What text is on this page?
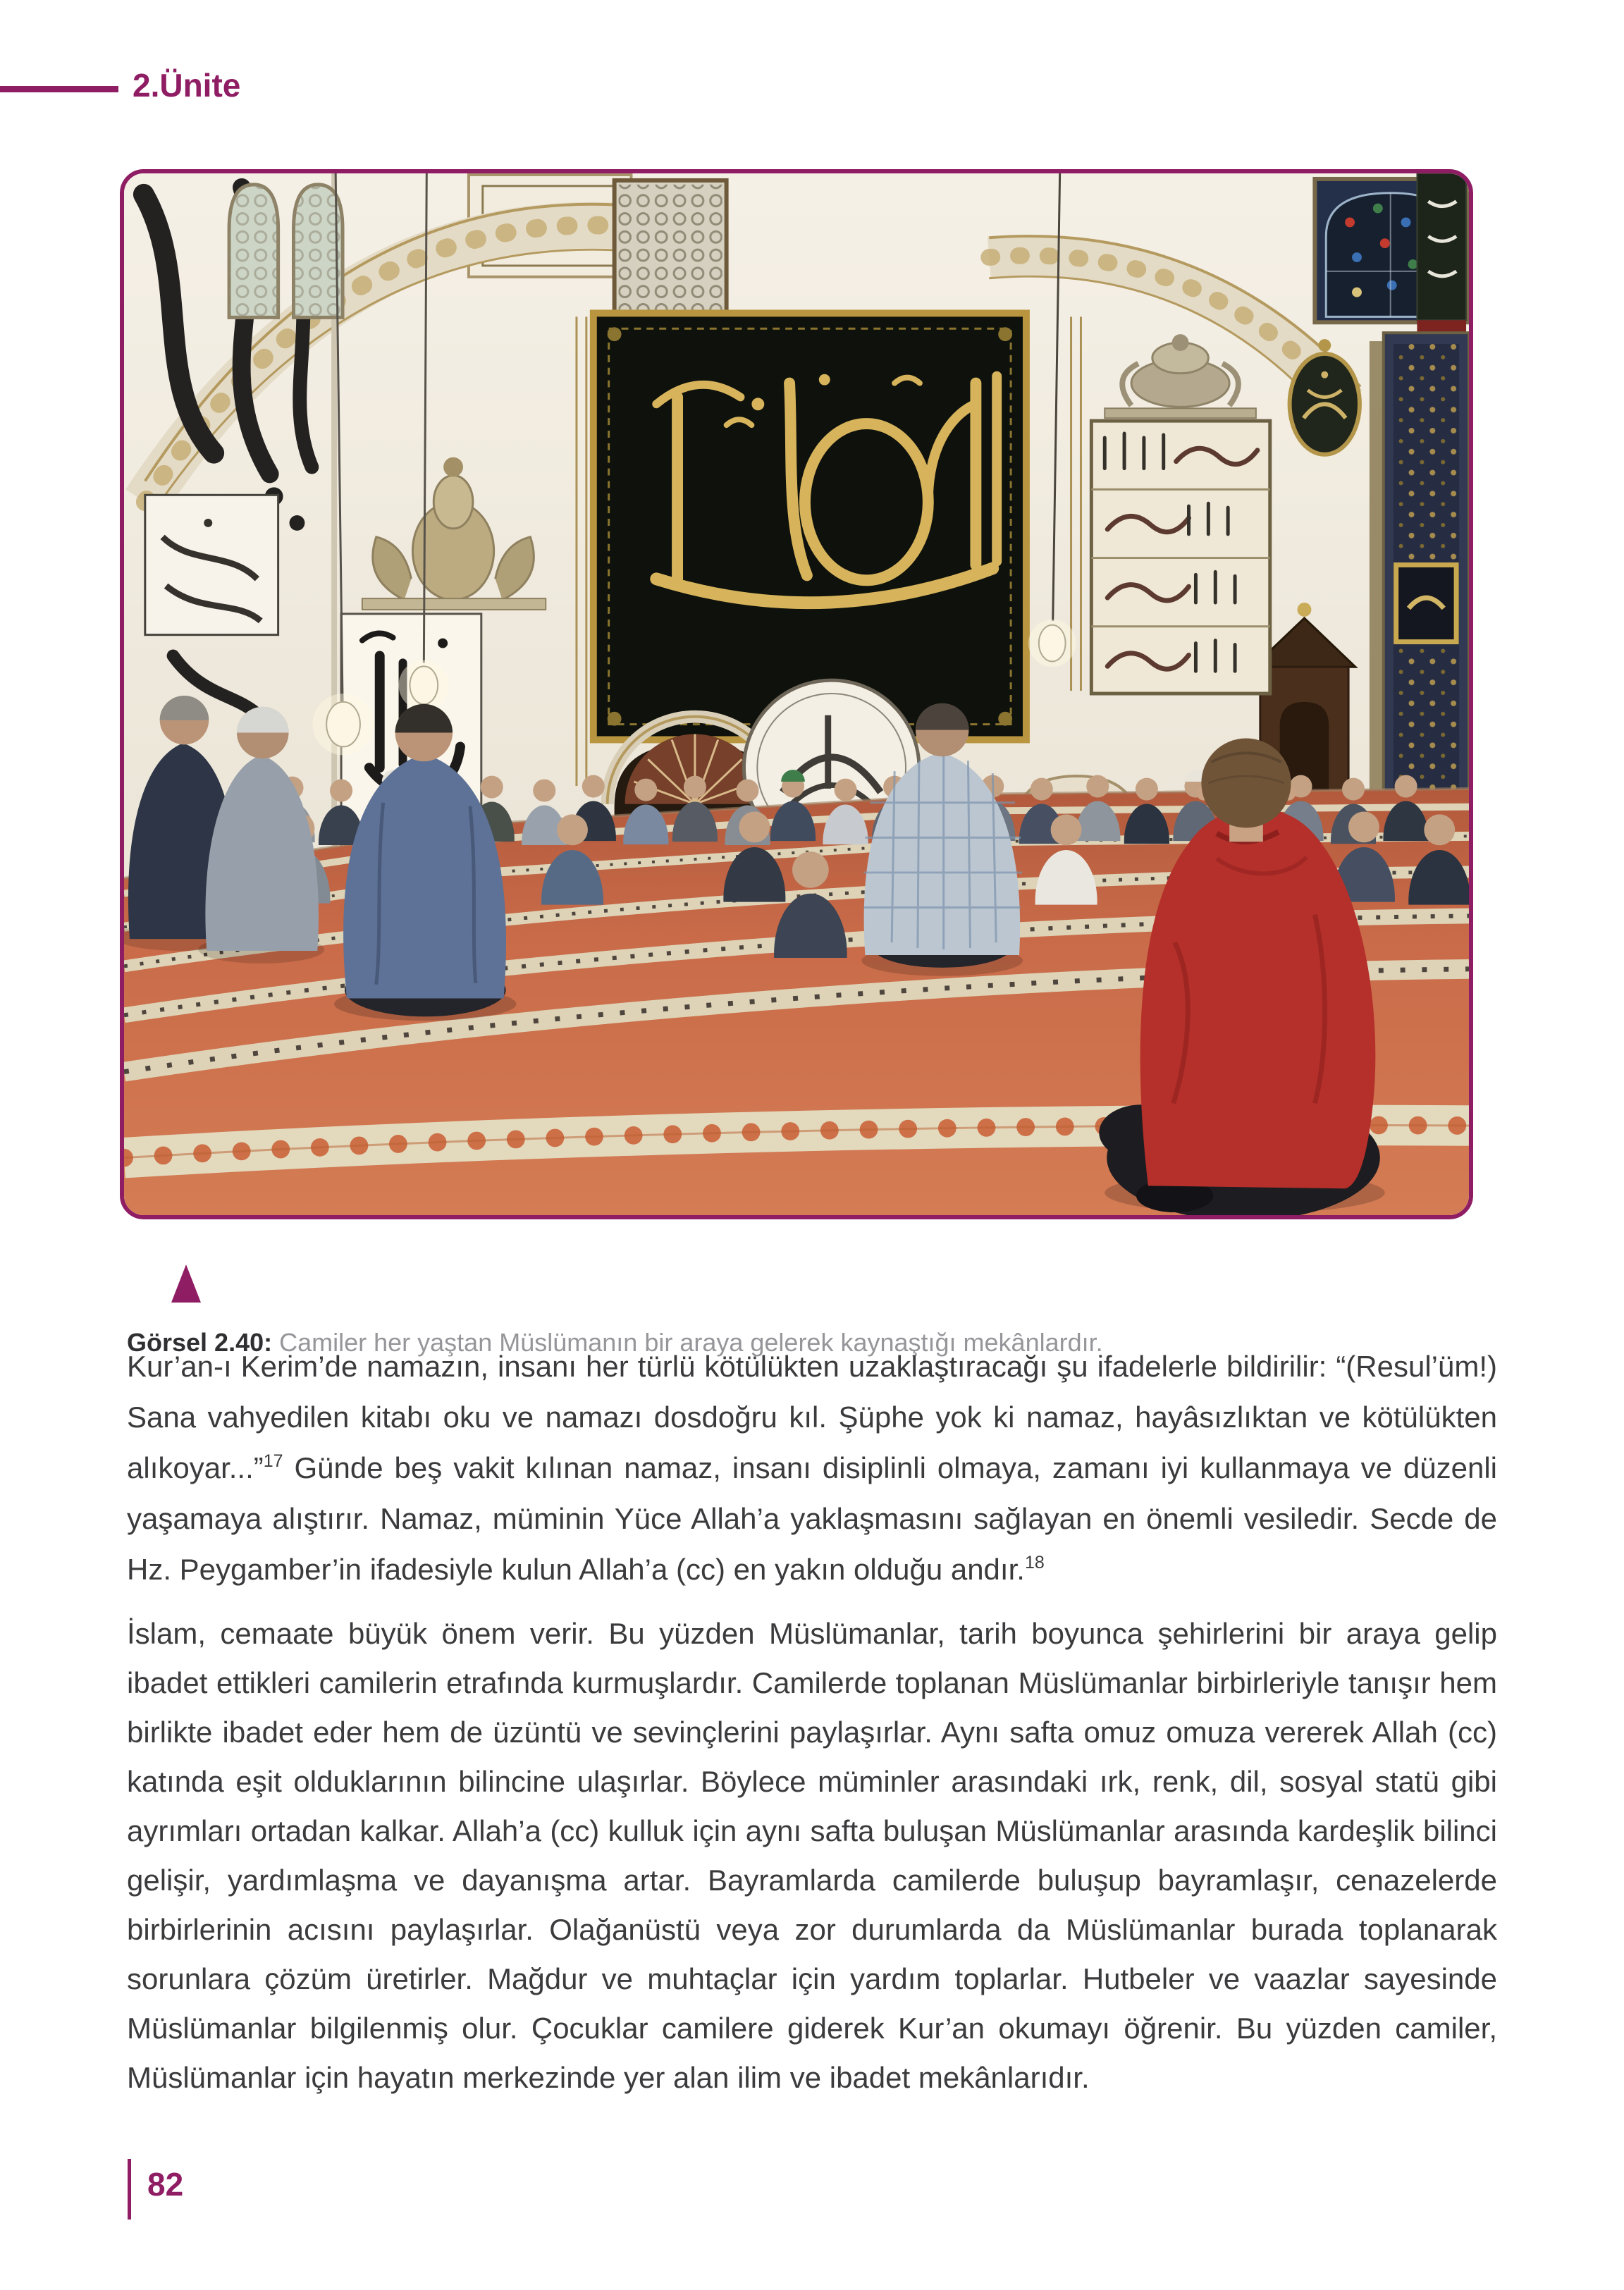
2.Ünite

Görsel 2.40: Camiler her yaştan Müslümanın bir araya gelerek kaynaştığı mekânlardır.

Kur’an-ı Kerim’de namazın, insanı her türlü kötülükten uzaklaştıracağı şu ifadelerle bildirilir: “(Resul’üm!) Sana vahyedilen kitabı oku ve namazı dosdoğru kıl. Şüphe yok ki namaz, hayâsızlıktan ve kötülükten alıkoyar...”$^{17}$ Günde beş vakit kılınan namaz, insanı disiplinli olmaya, zamanı iyi kullanmaya ve düzenli yaşamaya alıştırır. Namaz, müminin Yüce Allah’a yaklaşmasını sağlayan en önemli vesiledir. Secde de Hz. Peygamber’in ifadesiyle kulun Allah’a (cc) en yakın olduğu andır.$^{18}$

İslam, cemaate büyük önem verir. Bu yüzden Müslümanlar, tarih boyunca şehirlerini bir araya gelip ibadet ettikleri camilerin etrafında kurmuşlardır. Camilerde toplanan Müslümanlar birbirleriyle tanışır hem birlikte ibadet eder hem de üzüntü ve sevinçlerini paylaşırlar. Aynı safta omuz omuza vererek Allah (cc) katında eşit olduklarının bilincine ulaşırlar. Böylece müminler arasındaki ırk, renk, dil, sosyal statü gibi ayrımları ortadan kalkar. Allah’a (cc) kulluk için aynı safta buluşan Müslümanlar arasında kardeşlik bilinci gelişir, yardımlaşma ve dayanışma artar. Bayramlarda camilerde buluşup bayramlaşır, cenazelerde birbirlerinin acısını paylaşırlar. Olağanüstü veya zor durumlarda da Müslümanlar burada toplanarak sorunlara çözüm üretirler. Mağdur ve muhtaçlar için yardım toplarlar. Hutbeler ve vaazlar sayesinde Müslümanlar bilgilenmiş olur. Çocuklar camilere giderek Kur’an okumayı öğrenir. Bu yüzden camiler, Müslümanlar için hayatın merkezinde yer alan ilim ve ibadet mekânlarıdır.

82
